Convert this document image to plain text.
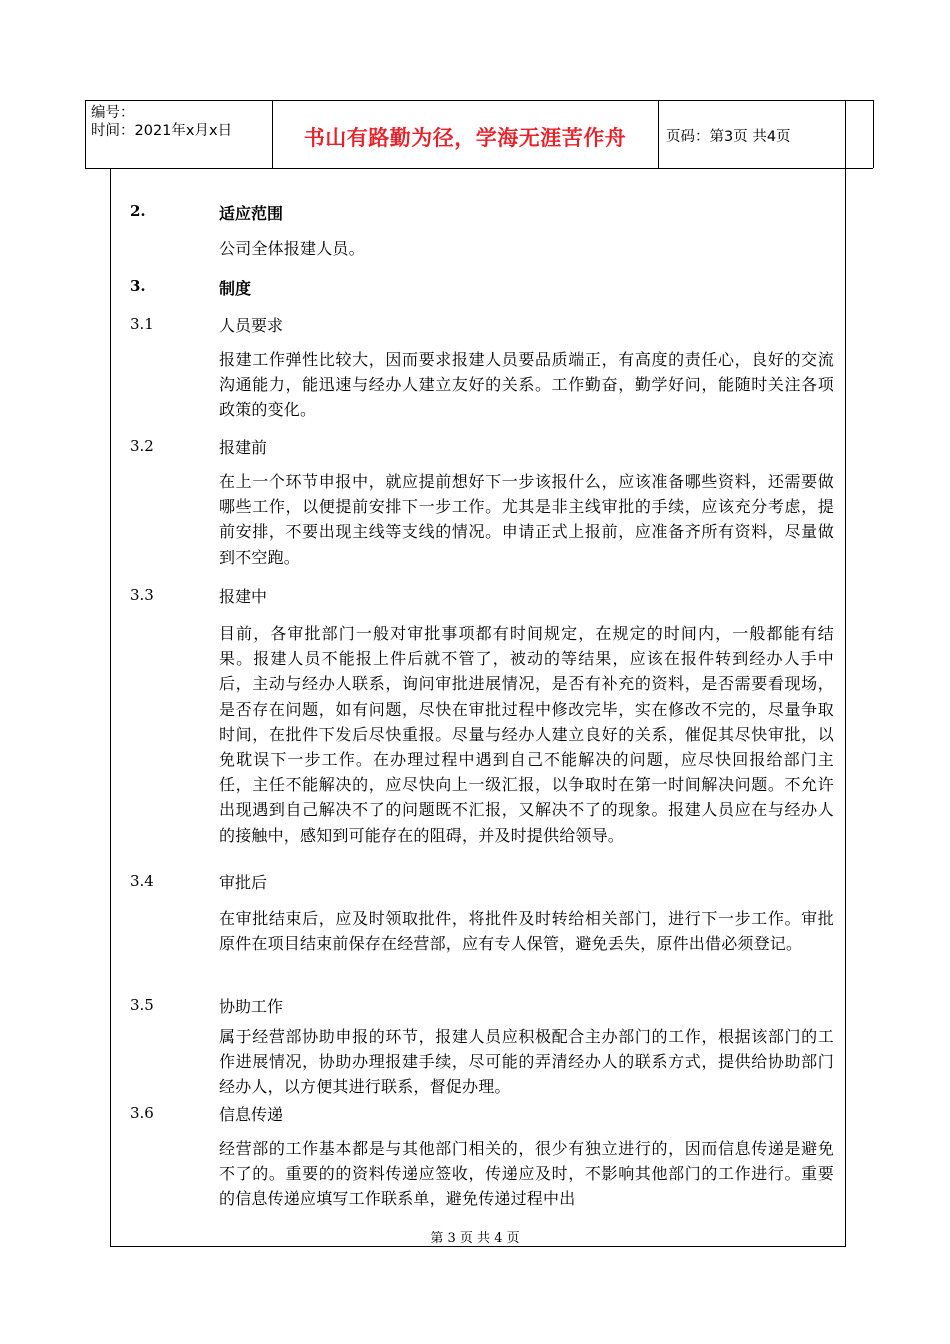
编号：
时间：2021年x月x日	书山有路勤为径，学海无涯苦作舟	页码：第3页 共4页
2.	适应范围
公司全体报建人员。
3.	制度
3.1	人员要求
报建工作弹性比较大，因而要求报建人员要品质端正，有高度的责任心，良好的交流沟通能力，能迅速与经办人建立友好的关系。工作勤奋，勤学好问，能随时关注各项政策的变化。
3.2	报建前
在上一个环节申报中，就应提前想好下一步该报什么，应该准备哪些资料，还需要做哪些工作，以便提前安排下一步工作。尤其是非主线审批的手续，应该充分考虑，提前安排，不要出现主线等支线的情况。申请正式上报前，应准备齐所有资料，尽量做到不空跑。
3.3	报建中
目前，各审批部门一般对审批事项都有时间规定，在规定的时间内，一般都能有结果。报建人员不能报上件后就不管了，被动的等结果，应该在报件转到经办人手中后，主动与经办人联系，询问审批进展情况，是否有补充的资料，是否需要看现场，是否存在问题，如有问题，尽快在审批过程中修改完毕，实在修改不完的，尽量争取时间，在批件下发后尽快重报。尽量与经办人建立良好的关系，催促其尽快审批，以免耽误下一步工作。在办理过程中遇到自己不能解决的问题，应尽快回报给部门主任，主任不能解决的，应尽快向上一级汇报，以争取时在第一时间解决问题。不允许出现遇到自己解决不了的问题既不汇报，又解决不了的现象。报建人员应在与经办人的接触中，感知到可能存在的阻碍，并及时提供给领导。
3.4	审批后
在审批结束后，应及时领取批件，将批件及时转给相关部门，进行下一步工作。审批原件在项目结束前保存在经营部，应有专人保管，避免丢失，原件出借必须登记。
3.5	协助工作
属于经营部协助申报的环节，报建人员应积极配合主办部门的工作，根据该部门的工作进展情况，协助办理报建手续，尽可能的弄清经办人的联系方式，提供给协助部门经办人，以方便其进行联系，督促办理。
3.6	信息传递
经营部的工作基本都是与其他部门相关的，很少有独立进行的，因而信息传递是避免不了的。重要的的资料传递应签收，传递应及时，不影响其他部门的工作进行。重要的信息传递应填写工作联系单，避免传递过程中出
第 3 页 共 4 页
